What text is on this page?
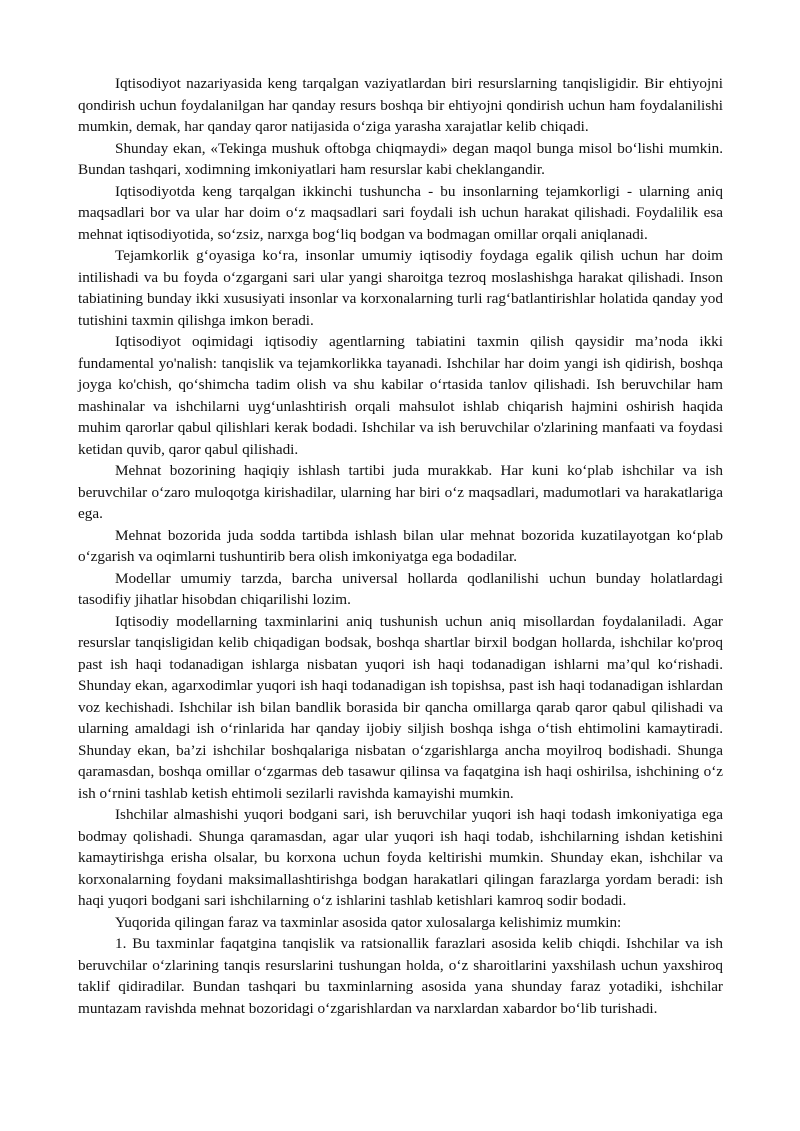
Iqtisodiyot nazariyasida keng tarqalgan vaziyatlardan biri resurslarning tanqisligidir. Bir ehtiyojni qondirish uchun foydalanilgan har qanday resurs boshqa bir ehtiyojni qondirish uchun ham foydalanilishi mumkin, demak, har qanday qaror natijasida o‘ziga yarasha xarajatlar kelib chiqadi.

Shunday ekan, «Tekinga mushuk oftobga chiqmaydi» degan maqol bunga misol bo‘lishi mumkin. Bundan tashqari, xodimning imkoniyatlari ham resurslar kabi cheklangandir.

Iqtisodiyotda keng tarqalgan ikkinchi tushuncha - bu insonlarning tejamkorligi - ularning aniq maqsadlari bor va ular har doim o‘z maqsadlari sari foydali ish uchun harakat qilishadi. Foydalilik esa mehnat iqtisodiyotida, so‘zsiz, narxga bog‘liq bodgan va bodmagan omillar orqali aniqlanadi.

Tejamkorlik g‘oyasiga ko‘ra, insonlar umumiy iqtisodiy foydaga egalik qilish uchun har doim intilishadi va bu foyda o‘zgargani sari ular yangi sharoitga tezroq moslashishga harakat qilishadi. Inson tabiatining bunday ikki xususiyati insonlar va korxonalarning turli rag‘batlantirishlar holatida qanday yod tutishini taxmin qilishga imkon beradi.

Iqtisodiyot oqimidagi iqtisodiy agentlarning tabiatini taxmin qilish qaysidir ma’noda ikki fundamental yo'nalish: tanqislik va tejamkorlikka tayanadi. Ishchilar har doim yangi ish qidirish, boshqa joyga ko'chish, qo‘shimcha tadim olish va shu kabilar o‘rtasida tanlov qilishadi. Ish beruvchilar ham mashinalar va ishchilarni uyg‘unlashtirish orqali mahsulot ishlab chiqarish hajmini oshirish haqida muhim qarorlar qabul qilishlari kerak bodadi. Ishchilar va ish beruvchilar o'zlarining manfaati va foydasi ketidan quvib, qaror qabul qilishadi.

Mehnat bozorining haqiqiy ishlash tartibi juda murakkab. Har kuni ko‘plab ishchilar va ish beruvchilar o‘zaro muloqotga kirishadilar, ularning har biri o‘z maqsadlari, madumotlari va harakatlariga ega.

Mehnat bozorida juda sodda tartibda ishlash bilan ular mehnat bozorida kuzatilayotgan ko‘plab o‘zgarish va oqimlarni tushuntirib bera olish imkoniyatga ega bodadilar.

Modellar umumiy tarzda, barcha universal hollarda qodlanilishi uchun bunday holatlardagi tasodifiy jihatlar hisobdan chiqarilishi lozim.

Iqtisodiy modellarning taxminlarini aniq tushunish uchun aniq misollardan foydalaniladi. Agar resurslar tanqisligidan kelib chiqadigan bodsak, boshqa shartlar birxil bodgan hollarda, ishchilar ko'proq past ish haqi todanadigan ishlarga nisbatan yuqori ish haqi todanadigan ishlarni ma’qul ko‘rishadi. Shunday ekan, agarxodimlar yuqori ish haqi todanadigan ish topishsa, past ish haqi todanadigan ishlardan voz kechishadi. Ishchilar ish bilan bandlik borasida bir qancha omillarga qarab qaror qabul qilishadi va ularning amaldagi ish o‘rinlarida har qanday ijobiy siljish boshqa ishga o‘tish ehtimolini kamaytiradi. Shunday ekan, ba’zi ishchilar boshqalariga nisbatan o‘zgarishlarga ancha moyilroq bodishadi. Shunga qaramasdan, boshqa omillar o‘zgarmas deb tasawur qilinsa va faqatgina ish haqi oshirilsa, ishchining o‘z ish o‘rnini tashlab ketish ehtimoli sezilarli ravishda kamayishi mumkin.

Ishchilar almashishi yuqori bodgani sari, ish beruvchilar yuqori ish haqi todash imkoniyatiga ega bodmay qolishadi. Shunga qaramasdan, agar ular yuqori ish haqi todab, ishchilarning ishdan ketishini kamaytirishga erisha olsalar, bu korxona uchun foyda keltirishi mumkin. Shunday ekan, ishchilar va korxonalarning foydani maksimallashtirishga bodgan harakatlari qilingan farazlarga yordam beradi: ish haqi yuqori bodgani sari ishchilarning o‘z ishlarini tashlab ketishlari kamroq sodir bodadi.

Yuqorida qilingan faraz va taxminlar asosida qator xulosalarga kelishimiz mumkin:

1. Bu taxminlar faqatgina tanqislik va ratsionallik farazlari asosida kelib chiqdi. Ishchilar va ish beruvchilar o‘zlarining tanqis resurslarini tushungan holda, o‘z sharoitlarini yaxshilash uchun yaxshiroq taklif qidiradilar. Bundan tashqari bu taxminlarning asosida yana shunday faraz yotadiki, ishchilar muntazam ravishda mehnat bozoridagi o‘zgarishlardan va narxlardan xabardor bo‘lib turishadi.
